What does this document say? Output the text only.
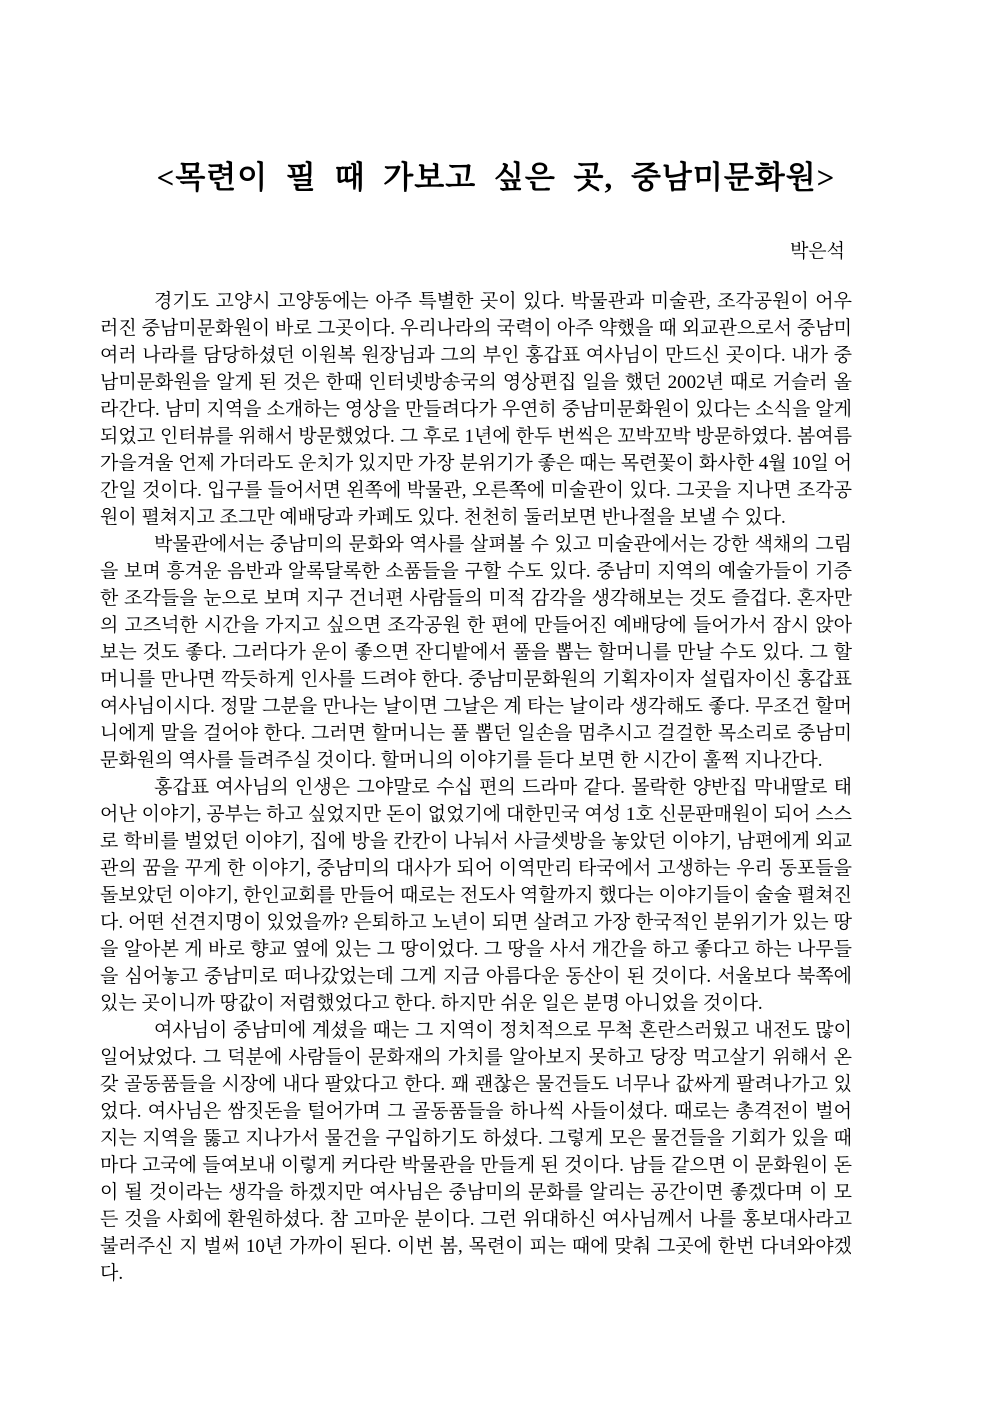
<목련이 필 때 가보고 싶은 곳, 중남미문화원>
박은석

경기도 고양시 고양동에는 아주 특별한 곳이 있다. 박물관과 미술관, 조각공원이 어우러진 중남미문화원이 바로 그곳이다. 우리나라의 국력이 아주 약했을 때 외교관으로서 중남미 여러 나라를 담당하셨던 이원복 원장님과 그의 부인 홍갑표 여사님이 만드신 곳이다. 내가 중남미문화원을 알게 된 것은 한때 인터넷방송국의 영상편집 일을 했던 2002년 때로 거슬러 올라간다. 남미 지역을 소개하는 영상을 만들려다가 우연히 중남미문화원이 있다는 소식을 알게 되었고 인터뷰를 위해서 방문했었다. 그 후로 1년에 한두 번씩은 꼬박꼬박 방문하였다. 봄여름가을겨울 언제 가더라도 운치가 있지만 가장 분위기가 좋은 때는 목련꽃이 화사한 4월 10일 어간일 것이다. 입구를 들어서면 왼쪽에 박물관, 오른쪽에 미술관이 있다. 그곳을 지나면 조각공원이 펼쳐지고 조그만 예배당과 카페도 있다. 천천히 둘러보면 반나절을 보낼 수 있다.

박물관에서는 중남미의 문화와 역사를 살펴볼 수 있고 미술관에서는 강한 색채의 그림을 보며 흥겨운 음반과 알록달록한 소품들을 구할 수도 있다. 중남미 지역의 예술가들이 기증한 조각들을 눈으로 보며 지구 건너편 사람들의 미적 감각을 생각해보는 것도 즐겁다. 혼자만의 고즈넉한 시간을 가지고 싶으면 조각공원 한 편에 만들어진 예배당에 들어가서 잠시 앉아보는 것도 좋다. 그러다가 운이 좋으면 잔디밭에서 풀을 뽑는 할머니를 만날 수도 있다. 그 할머니를 만나면 깍듯하게 인사를 드려야 한다. 중남미문화원의 기획자이자 설립자이신 홍갑표 여사님이시다. 정말 그분을 만나는 날이면 그날은 계 타는 날이라 생각해도 좋다. 무조건 할머니에게 말을 걸어야 한다. 그러면 할머니는 풀 뽑던 일손을 멈추시고 걸걸한 목소리로 중남미문화원의 역사를 들려주실 것이다. 할머니의 이야기를 듣다 보면 한 시간이 훌쩍 지나간다.

홍갑표 여사님의 인생은 그야말로 수십 편의 드라마 같다. 몰락한 양반집 막내딸로 태어난 이야기, 공부는 하고 싶었지만 돈이 없었기에 대한민국 여성 1호 신문판매원이 되어 스스로 학비를 벌었던 이야기, 집에 방을 칸칸이 나눠서 사글셋방을 놓았던 이야기, 남편에게 외교관의 꿈을 꾸게 한 이야기, 중남미의 대사가 되어 이역만리 타국에서 고생하는 우리 동포들을 돌보았던 이야기, 한인교회를 만들어 때로는 전도사 역할까지 했다는 이야기들이 술술 펼쳐진다. 어떤 선견지명이 있었을까? 은퇴하고 노년이 되면 살려고 가장 한국적인 분위기가 있는 땅을 알아본 게 바로 향교 옆에 있는 그 땅이었다. 그 땅을 사서 개간을 하고 좋다고 하는 나무들을 심어놓고 중남미로 떠나갔었는데 그게 지금 아름다운 동산이 된 것이다. 서울보다 북쪽에 있는 곳이니까 땅값이 저렴했었다고 한다. 하지만 쉬운 일은 분명 아니었을 것이다.

여사님이 중남미에 계셨을 때는 그 지역이 정치적으로 무척 혼란스러웠고 내전도 많이 일어났었다. 그 덕분에 사람들이 문화재의 가치를 알아보지 못하고 당장 먹고살기 위해서 온갖 골동품들을 시장에 내다 팔았다고 한다. 꽤 괜찮은 물건들도 너무나 값싸게 팔려나가고 있었다. 여사님은 쌈짓돈을 털어가며 그 골동품들을 하나씩 사들이셨다. 때로는 총격전이 벌어지는 지역을 뚫고 지나가서 물건을 구입하기도 하셨다. 그렇게 모은 물건들을 기회가 있을 때마다 고국에 들여보내 이렇게 커다란 박물관을 만들게 된 것이다. 남들 같으면 이 문화원이 돈이 될 것이라는 생각을 하겠지만 여사님은 중남미의 문화를 알리는 공간이면 좋겠다며 이 모든 것을 사회에 환원하셨다. 참 고마운 분이다. 그런 위대하신 여사님께서 나를 홍보대사라고 불러주신 지 벌써 10년 가까이 된다. 이번 봄, 목련이 피는 때에 맞춰 그곳에 한번 다녀와야겠다.
